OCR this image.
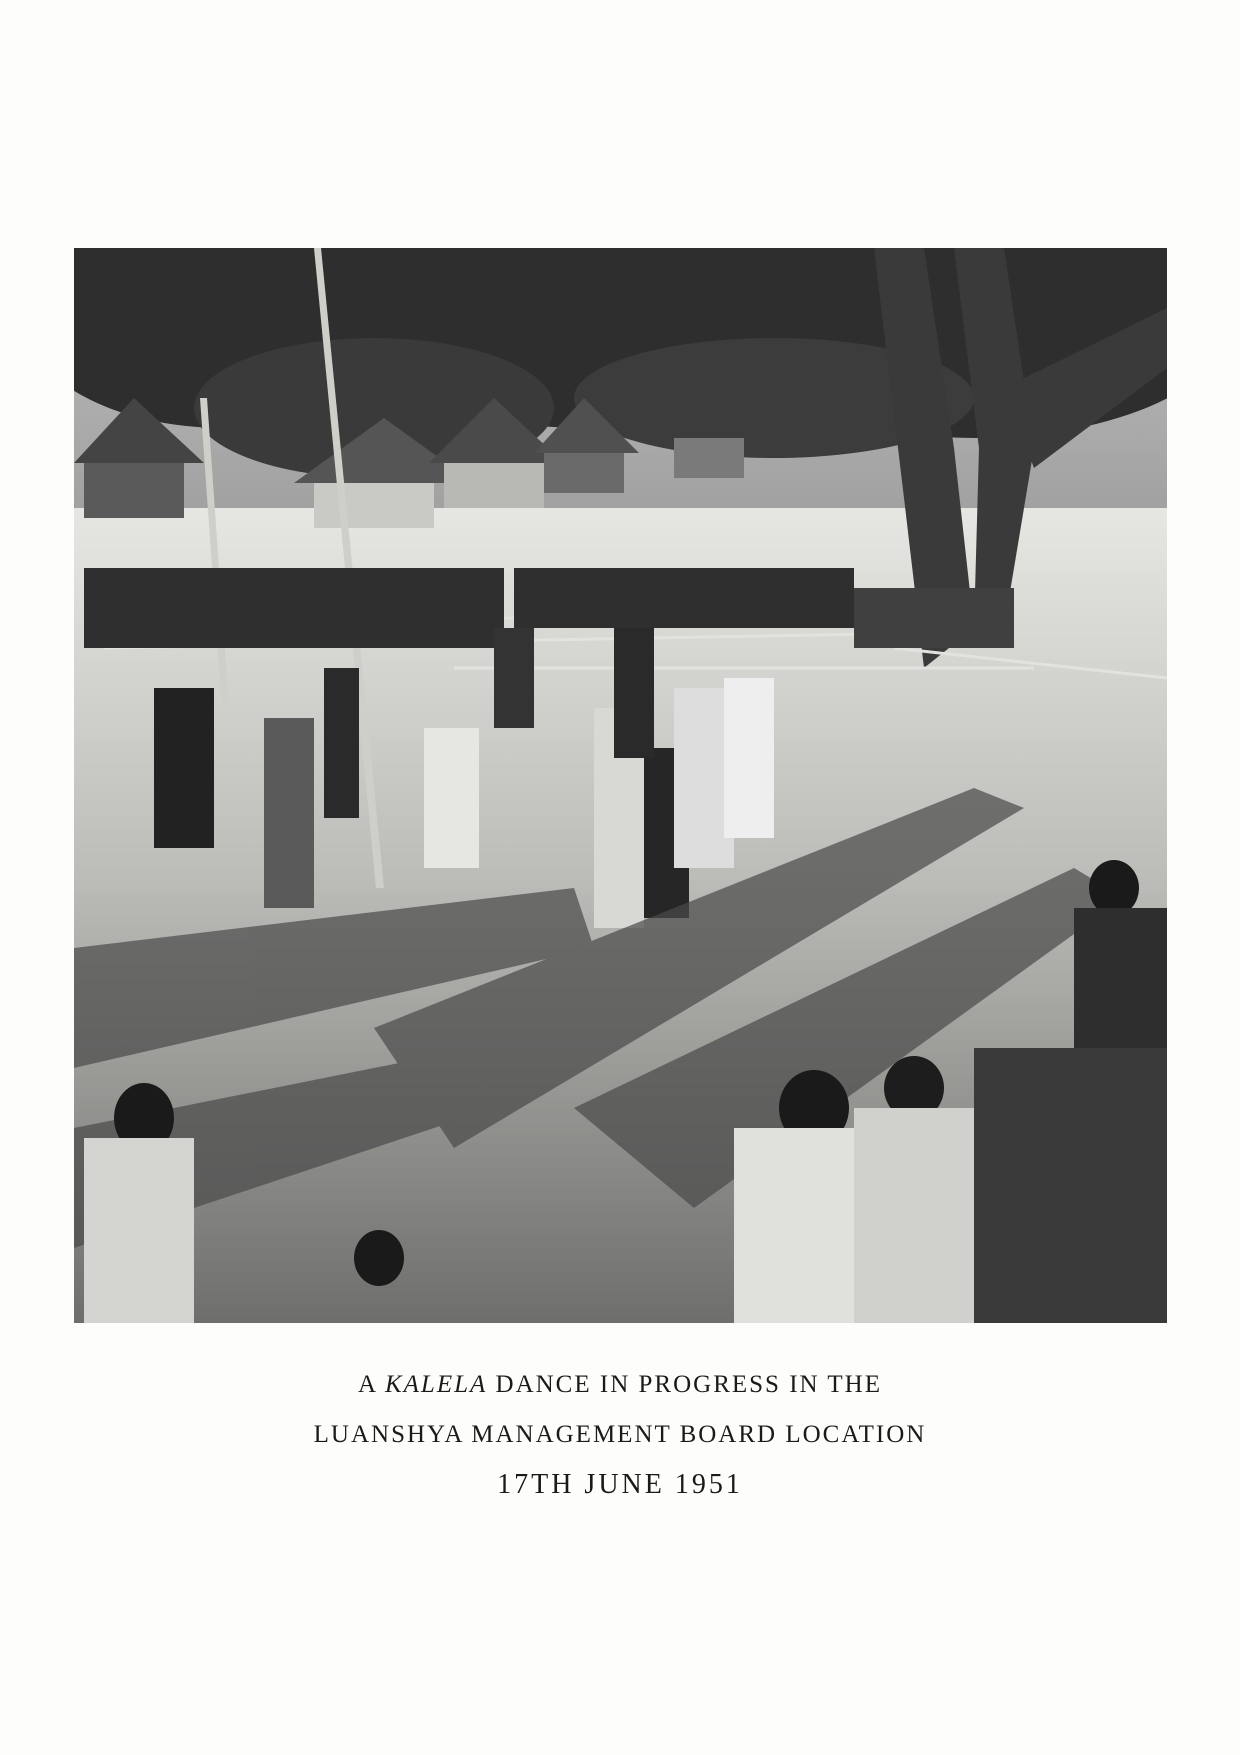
A KALELA DANCE IN PROGRESS IN THE
LUANSHYA MANAGEMENT BOARD LOCATION
17TH JUNE 1951
